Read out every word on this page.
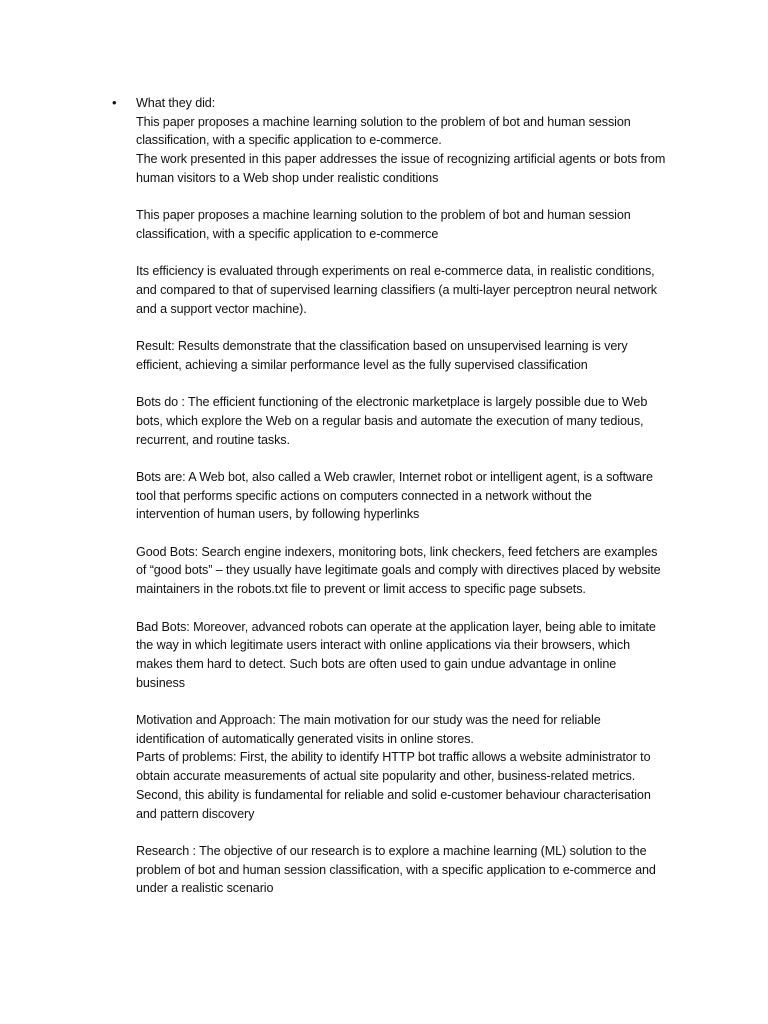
• What they did:

This paper proposes a machine learning solution to the problem of bot and human session
classification, with a specific application to e-commerce.
The work presented in this paper addresses the issue of recognizing artificial agents or bots from
human visitors to a Web shop under realistic conditions

This paper proposes a machine learning solution to the problem of bot and human session
classification, with a specific application to e-commerce

Its efficiency is evaluated through experiments on real e-commerce data, in realistic conditions,
and compared to that of supervised learning classifiers (a multi-layer perceptron neural network
and a support vector machine).

Result: Results demonstrate that the classification based on unsupervised learning is very
efficient, achieving a similar performance level as the fully supervised classification

Bots do : The efficient functioning of the electronic marketplace is largely possible due to Web
bots, which explore the Web on a regular basis and automate the execution of many tedious,
recurrent, and routine tasks.

Bots are: A Web bot, also called a Web crawler, Internet robot or intelligent agent, is a software
tool that performs specific actions on computers connected in a network without the
intervention of human users, by following hyperlinks

Good Bots: Search engine indexers, monitoring bots, link checkers, feed fetchers are examples
of “good bots” – they usually have legitimate goals and comply with directives placed by website
maintainers in the robots.txt file to prevent or limit access to specific page subsets.

Bad Bots: Moreover, advanced robots can operate at the application layer, being able to imitate
the way in which legitimate users interact with online applications via their browsers, which
makes them hard to detect. Such bots are often used to gain undue advantage in online
business

Motivation and Approach: The main motivation for our study was the need for reliable
identification of automatically generated visits in online stores.
Parts of problems: First, the ability to identify HTTP bot traffic allows a website administrator to
obtain accurate measurements of actual site popularity and other, business-related metrics.
Second, this ability is fundamental for reliable and solid e-customer behaviour characterisation
and pattern discovery

Research : The objective of our research is to explore a machine learning (ML) solution to the
problem of bot and human session classification, with a specific application to e-commerce and
under a realistic scenario
